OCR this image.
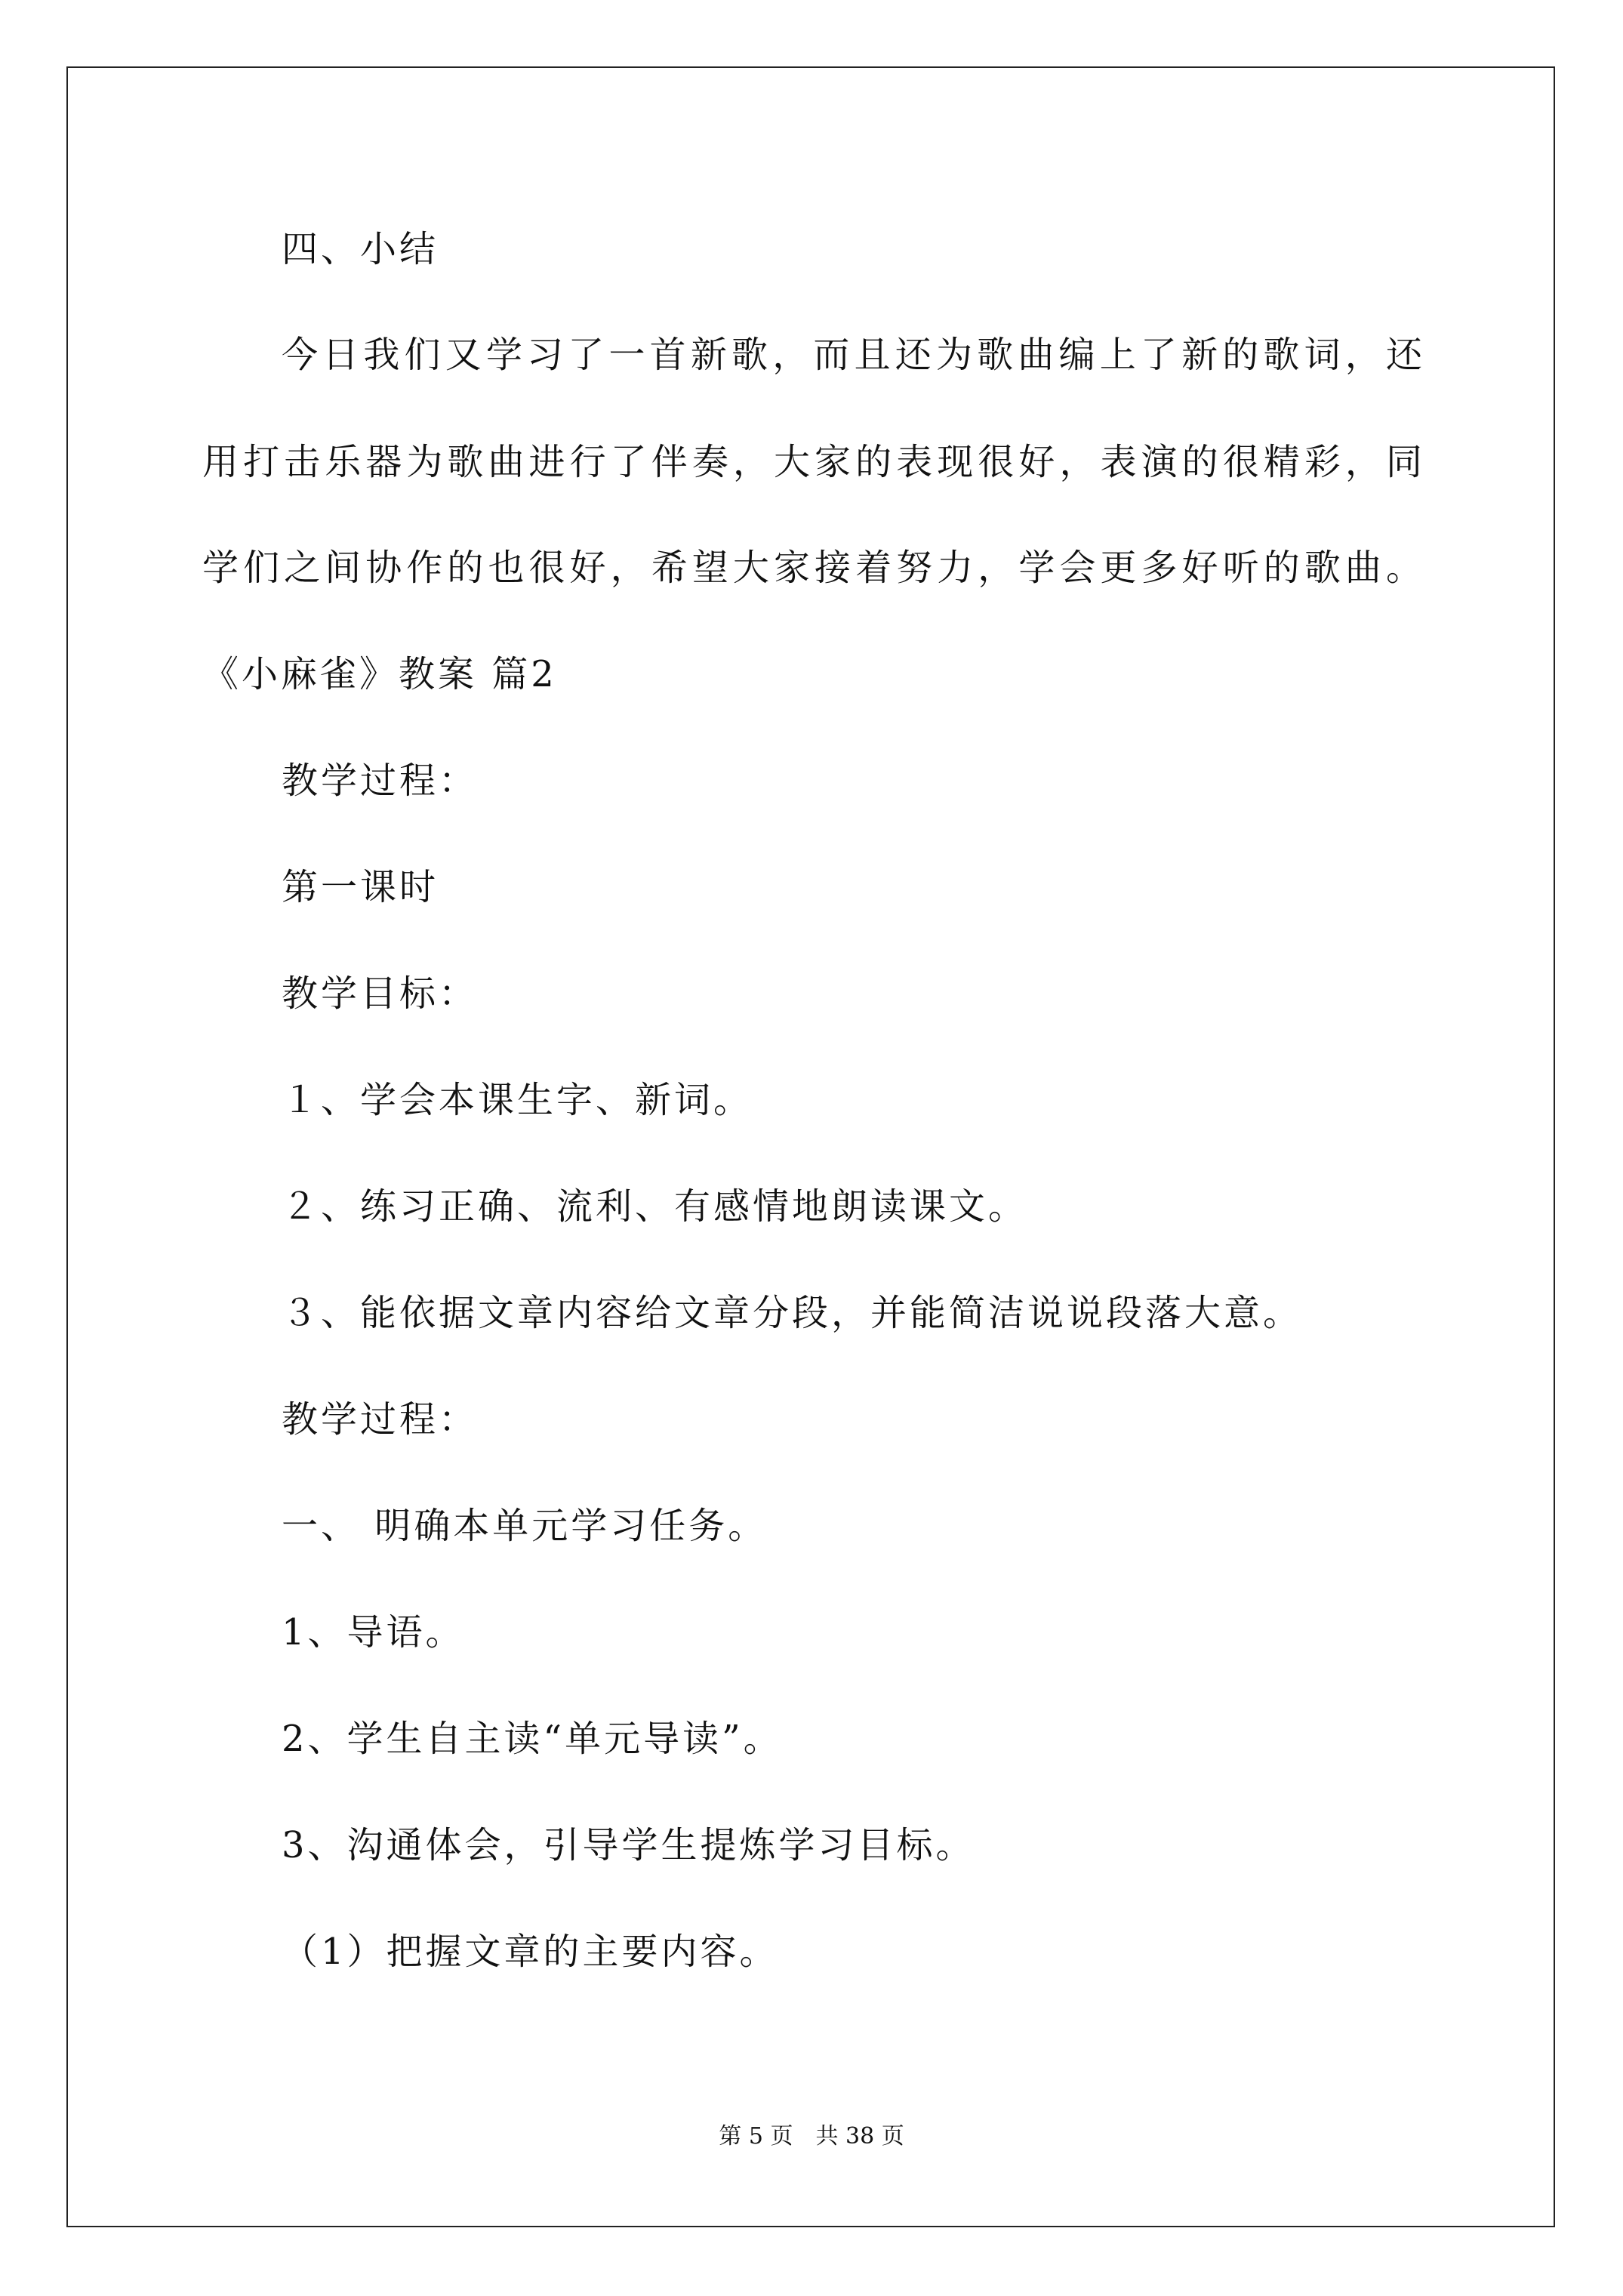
四、小结
今日我们又学习了一首新歌，而且还为歌曲编上了新的歌词，还
用打击乐器为歌曲进行了伴奏，大家的表现很好，表演的很精彩，同
学们之间协作的也很好，希望大家接着努力，学会更多好听的歌曲。
《小麻雀》教案 篇2
教学过程：
第一课时
教学目标：
１、学会本课生字、新词。
２、练习正确、流利、有感情地朗读课文。
３、能依据文章内容给文章分段，并能简洁说说段落大意。
教学过程：
一、 明确本单元学习任务。
1、导语。
2、学生自主读“单元导读”。
3、沟通体会，引导学生提炼学习目标。
（1）把握文章的主要内容。
第 5 页　共 38 页
